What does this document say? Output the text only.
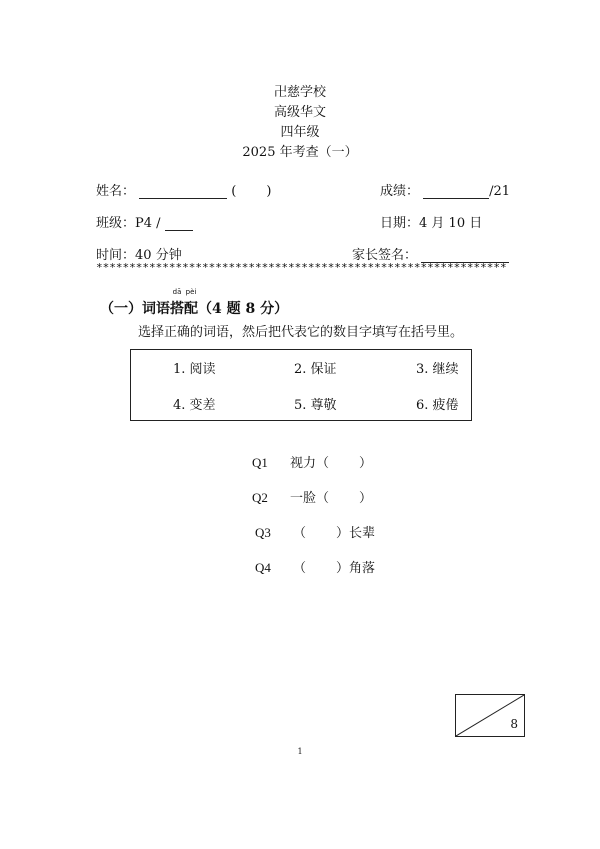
卍慈学校
高级华文
四年级
2025 年考查（一）
姓名：	( )	成绩：	/21
班级：P4 /	日期：4 月 10 日
时间：40 分钟	家长签名：
**************************************************************
（一）词语
dā
搭
pèi
配（4 题 8 分）
选择正确的词语，然后把代表它的数目字填写在括号里。
1. 阅读	2. 保证	3. 继续
4. 变差	5. 尊敬	6. 疲倦
Q1 视力（ ）
Q2 一脸（ ）
Q3 （ ）长辈
Q4 （ ）角落
8
1
